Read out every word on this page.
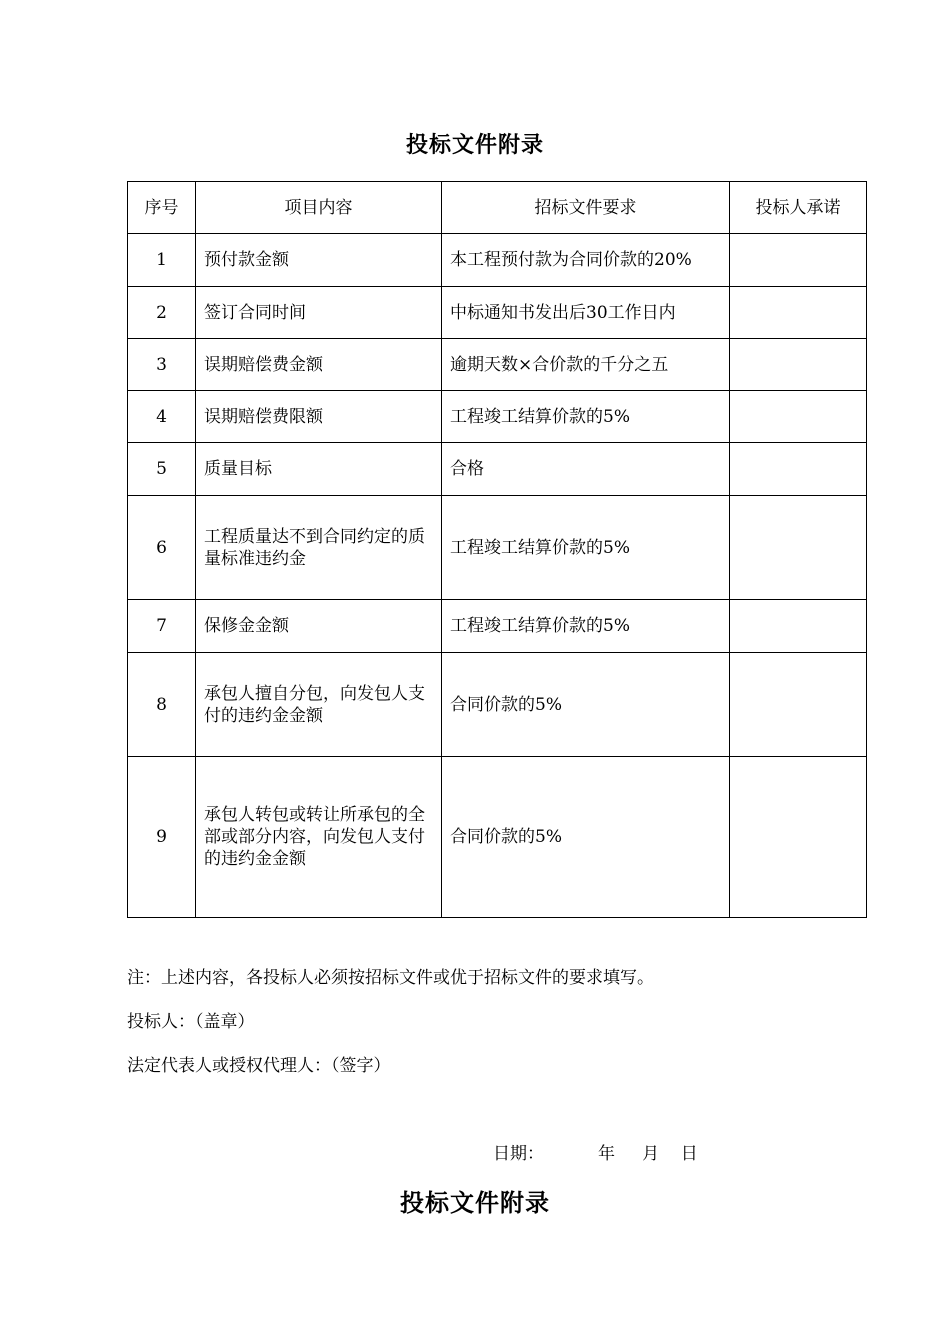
投标文件附录
序号	项目内容	招标文件要求	投标人承诺
1	预付款金额	本工程预付款为合同价款的20%	
2	签订合同时间	中标通知书发出后30工作日内	
3	误期赔偿费金额	逾期天数×合价款的千分之五	
4	误期赔偿费限额	工程竣工结算价款的5%	
5	质量目标	合格	
6	工程质量达不到合同约定的质量标准违约金	工程竣工结算价款的5%	
7	保修金金额	工程竣工结算价款的5%	
8	承包人擅自分包，向发包人支付的违约金金额	合同价款的5%	
9	承包人转包或转让所承包的全部或部分内容，向发包人支付的违约金金额	合同价款的5%	
注：上述内容，各投标人必须按招标文件或优于招标文件的要求填写。
投标人：（盖章）
法定代表人或授权代理人：（签字）
日期：	年 月 日
投标文件附录
